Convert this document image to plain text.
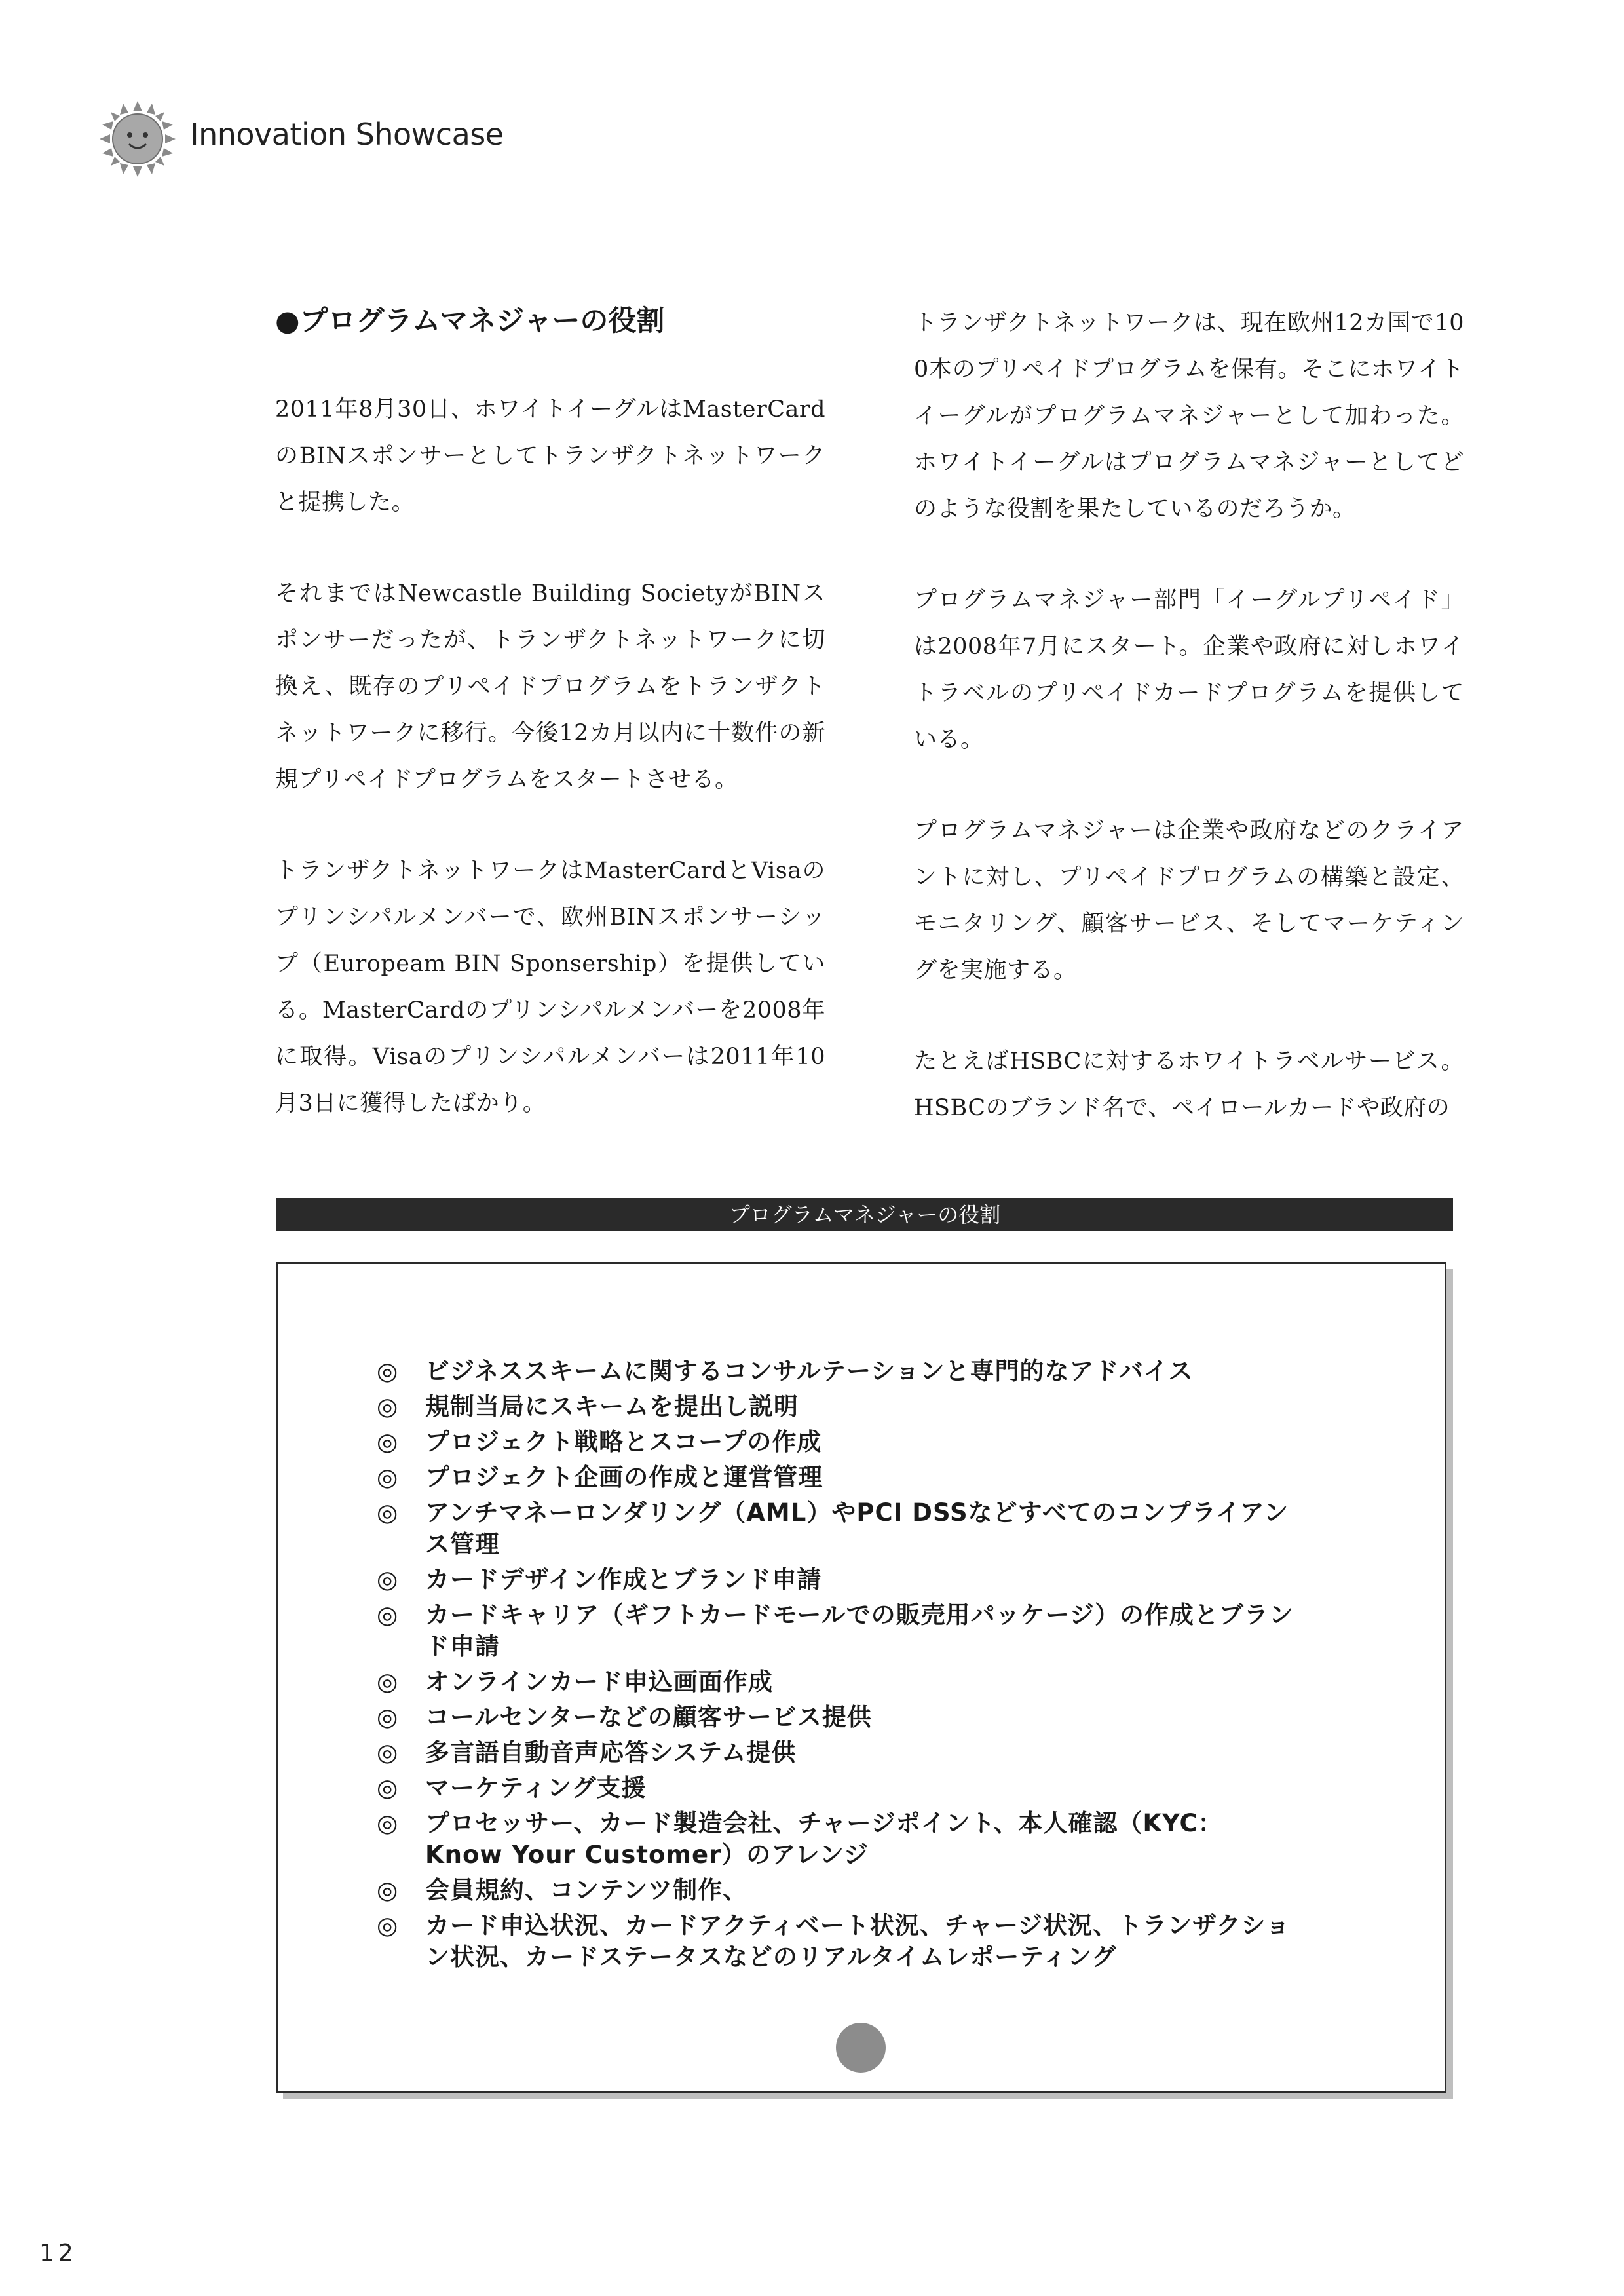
Innovation Showcase
●プログラムマネジャーの役割

2011年8月30日、ホワイトイーグルはMasterCardのBINスポンサーとしてトランザクトネットワークと提携した。

それまではNewcastle Building SocietyがBINスポンサーだったが、トランザクトネットワークに切換え、既存のプリペイドプログラムをトランザクトネットワークに移行。今後12カ月以内に十数件の新規プリペイドプログラムをスタートさせる。

トランザクトネットワークはMasterCardとVisaのプリンシパルメンバーで、欧州BINスポンサーシップ（Europeam BIN Sponsership）を提供している。MasterCardのプリンシパルメンバーを2008年に取得。Visaのプリンシパルメンバーは2011年10月3日に獲得したばかり。

トランザクトネットワークは、現在欧州12カ国で100本のプリペイドプログラムを保有。そこにホワイトイーグルがプログラムマネジャーとして加わった。ホワイトイーグルはプログラムマネジャーとしてどのような役割を果たしているのだろうか。

プログラムマネジャー部門「イーグルプリペイド」は2008年7月にスタート。企業や政府に対しホワイトラベルのプリペイドカードプログラムを提供している。

プログラムマネジャーは企業や政府などのクライアントに対し、プリペイドプログラムの構築と設定、モニタリング、顧客サービス、そしてマーケティングを実施する。

たとえばHSBCに対するホワイトラベルサービス。HSBCのブランド名で、ペイロールカードや政府の

プログラムマネジャーの役割
◎	ビジネススキームに関するコンサルテーションと専門的なアドバイス
◎	規制当局にスキームを提出し説明
◎	プロジェクト戦略とスコープの作成
◎	プロジェクト企画の作成と運営管理
◎	アンチマネーロンダリング（AML）やPCI DSSなどすべてのコンプライアンス管理
◎	カードデザイン作成とブランド申請
◎	カードキャリア（ギフトカードモールでの販売用パッケージ）の作成とブランド申請
◎	オンラインカード申込画面作成
◎	コールセンターなどの顧客サービス提供
◎	多言語自動音声応答システム提供
◎	マーケティング支援
◎	プロセッサー、カード製造会社、チャージポイント、本人確認（KYC：Know Your Customer）のアレンジ
◎	会員規約、コンテンツ制作、
◎	カード申込状況、カードアクティベート状況、チャージ状況、トランザクション状況、カードステータスなどのリアルタイムレポーティング
12
